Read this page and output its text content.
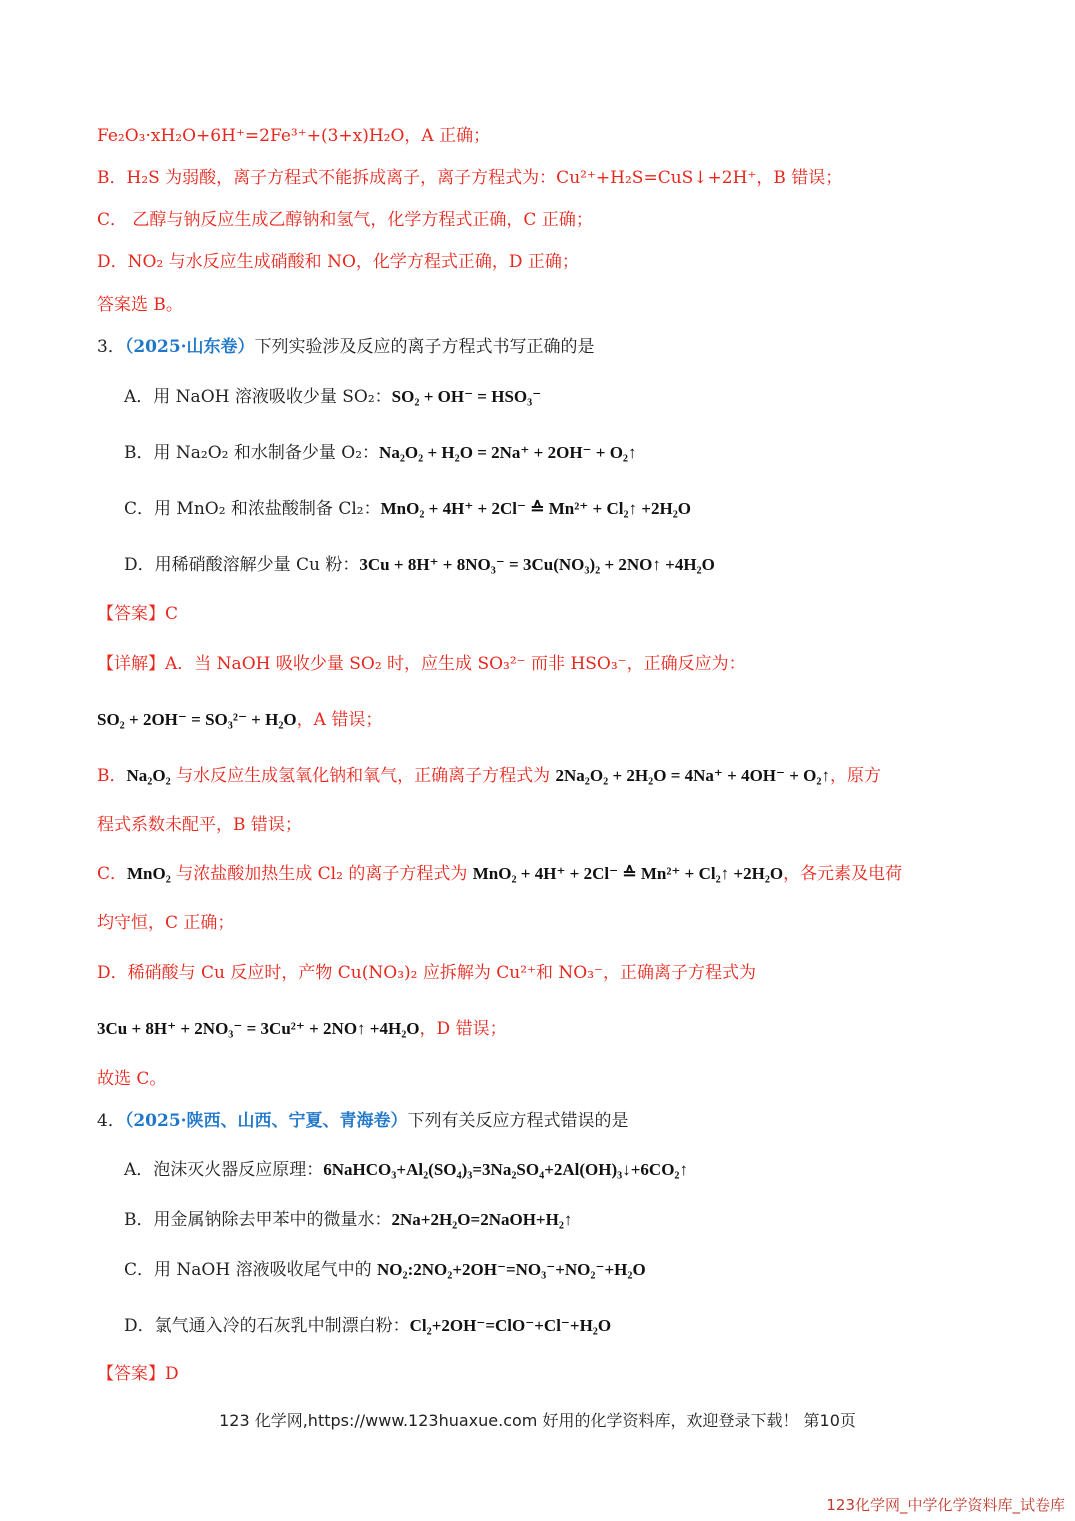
Fe₂O₃·xH₂O+6H⁺=2Fe³⁺+(3+x)H₂O，A 正确；
B．H₂S 为弱酸，离子方程式不能拆成离子，离子方程式为：Cu²⁺+H₂S=CuS↓+2H⁺，B 错误；
C． 乙醇与钠反应生成乙醇钠和氢气，化学方程式正确，C 正确；
D．NO₂ 与水反应生成硝酸和 NO，化学方程式正确，D 正确；
答案选 B。
3．（2025·山东卷）下列实验涉及反应的离子方程式书写正确的是
A．用 NaOH 溶液吸收少量 SO₂：SO₂ + OH⁻ = HSO₃⁻
B．用 Na₂O₂ 和水制备少量 O₂：Na₂O₂ + H₂O = 2Na⁺ + 2OH⁻ + O₂↑
C．用 MnO₂ 和浓盐酸制备 Cl₂：MnO₂ + 4H⁺ + 2Cl⁻ ≙ Mn²⁺ + Cl₂↑ +2H₂O
D．用稀硝酸溶解少量 Cu 粉：3Cu + 8H⁺ + 8NO₃⁻ = 3Cu(NO₃)₂ + 2NO↑ +4H₂O
【答案】C
【详解】A．当 NaOH 吸收少量 SO₂ 时，应生成 SO₃²⁻ 而非 HSO₃⁻，正确反应为：
SO₂ + 2OH⁻ = SO₃²⁻ + H₂O，A 错误；
B．Na₂O₂ 与水反应生成氢氧化钠和氧气，正确离子方程式为 2Na₂O₂ + 2H₂O = 4Na⁺ + 4OH⁻ + O₂↑，原方
程式系数未配平，B 错误；
C．MnO₂ 与浓盐酸加热生成 Cl₂ 的离子方程式为 MnO₂ + 4H⁺ + 2Cl⁻ ≙ Mn²⁺ + Cl₂↑ +2H₂O，各元素及电荷
均守恒，C 正确；
D．稀硝酸与 Cu 反应时，产物 Cu(NO₃)₂ 应拆解为 Cu²⁺和 NO₃⁻，正确离子方程式为
3Cu + 8H⁺ + 2NO₃⁻ = 3Cu²⁺ + 2NO↑ +4H₂O，D 错误；
故选 C。
4．（2025·陕西、山西、宁夏、青海卷）下列有关反应方程式错误的是
A．泡沫灭火器反应原理：6NaHCO₃+Al₂(SO₄)₃=3Na₂SO₄+2Al(OH)₃↓+6CO₂↑
B．用金属钠除去甲苯中的微量水：2Na+2H₂O=2NaOH+H₂↑
C．用 NaOH 溶液吸收尾气中的 NO₂:2NO₂+2OH⁻=NO₃⁻+NO₂⁻+H₂O
D．氯气通入冷的石灰乳中制漂白粉：Cl₂+2OH⁻=ClO⁻+Cl⁻+H₂O
【答案】D
123 化学网,https://www.123huaxue.com 好用的化学资料库，欢迎登录下载！ 第10页
123化学网_中学化学资料库_试卷库
